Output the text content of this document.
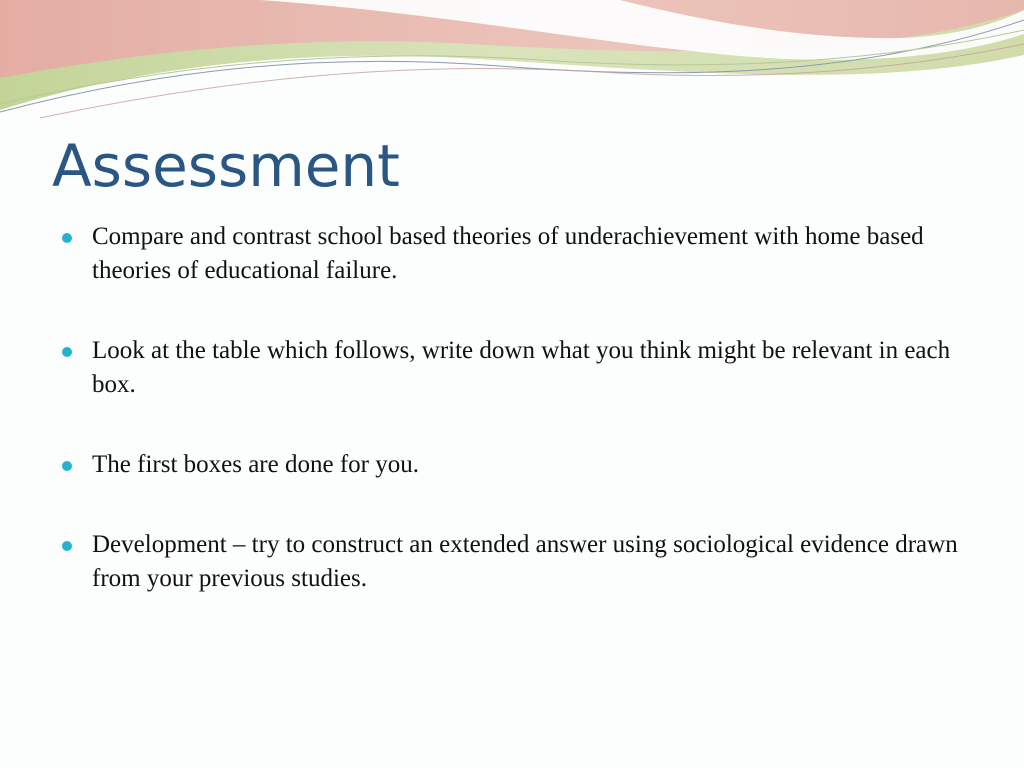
Assessment
Compare and contrast school based theories of underachievement with home based theories of educational failure.
Look at the table which follows, write down what you think might be relevant in each box.
The first boxes are done for you.
Development – try to construct an extended answer using sociological evidence drawn from your previous studies.
